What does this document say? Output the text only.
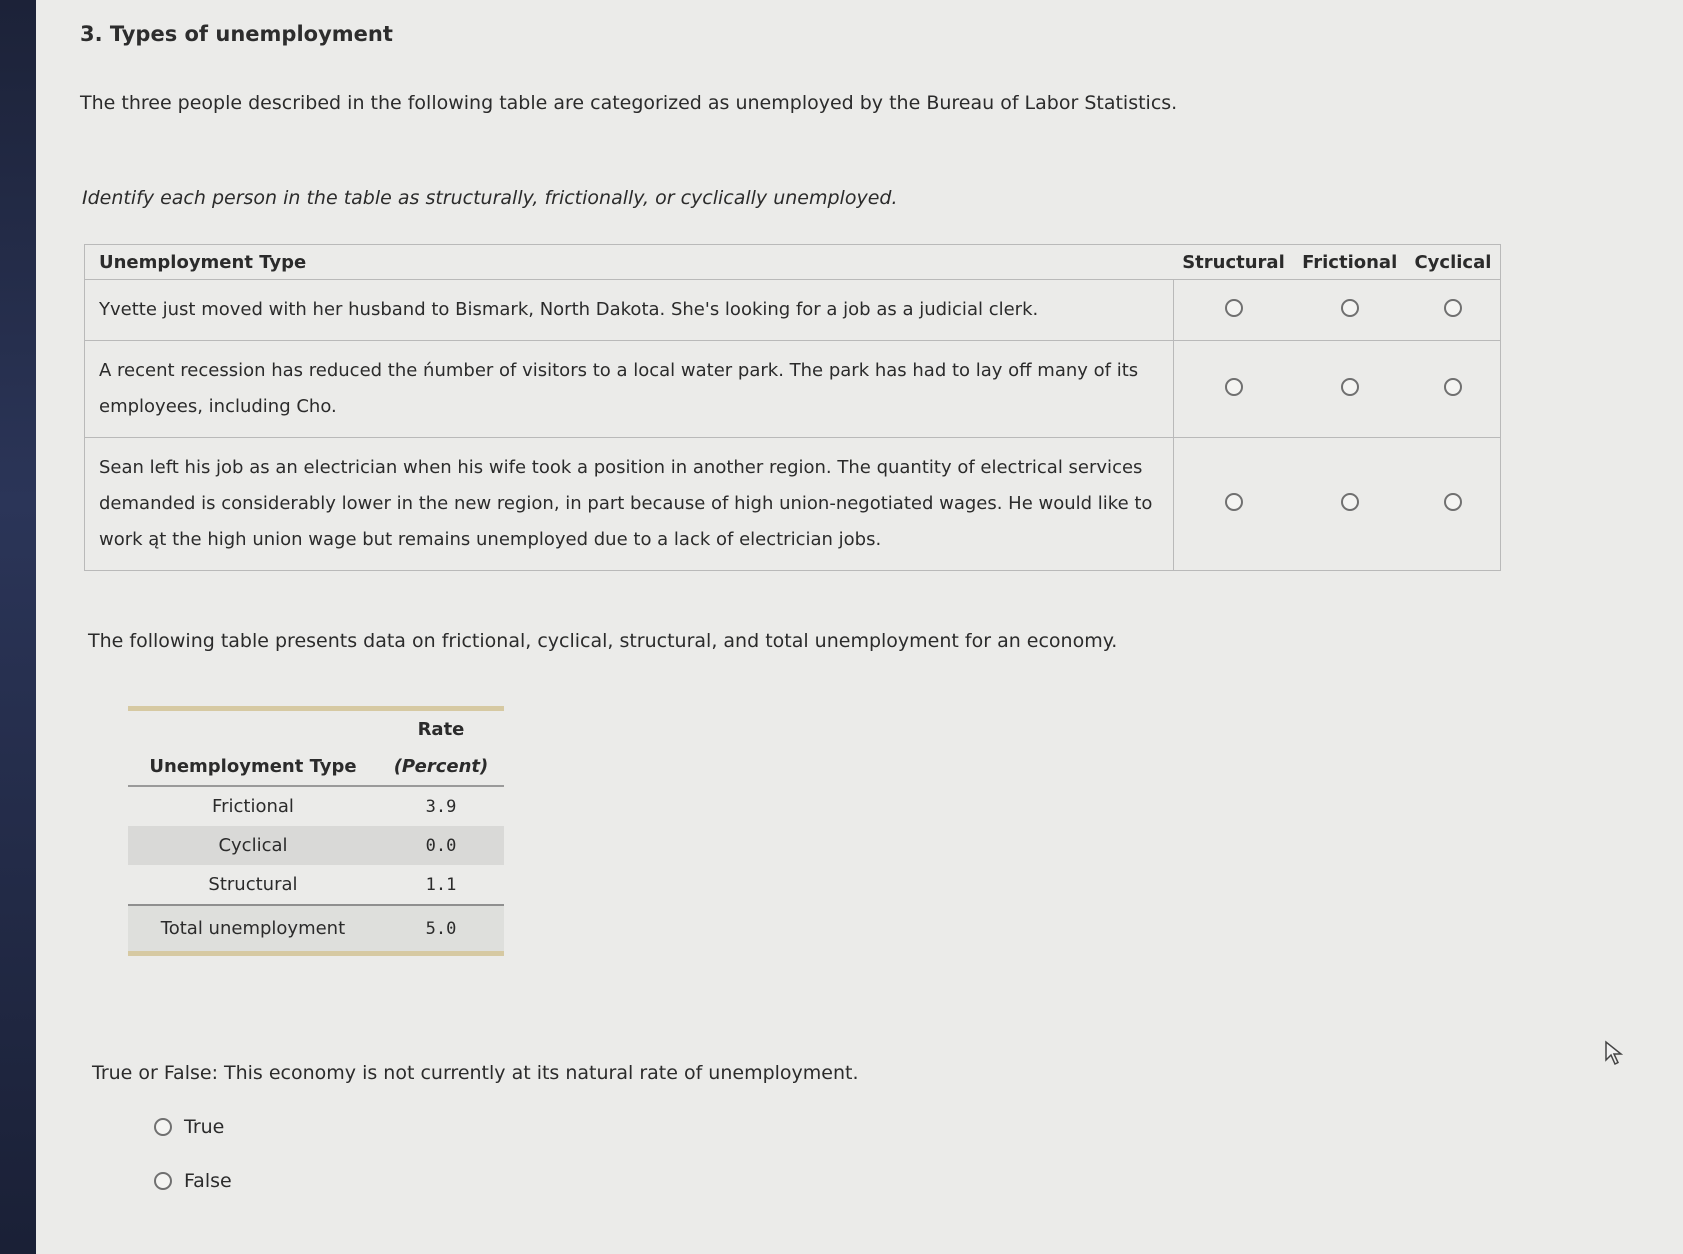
3. Types of unemployment
The three people described in the following table are categorized as unemployed by the Bureau of Labor Statistics.
Identify each person in the table as structurally, frictionally, or cyclically unemployed.
Unemployment Type	Structural	Frictional	Cyclical
Yvette just moved with her husband to Bismark, North Dakota. She's looking for a job as a judicial clerk.			
A recent recession has reduced the ńumber of visitors to a local water park. The park has had to lay off many of its employees, including Cho.			
Sean left his job as an electrician when his wife took a position in another region. The quantity of electrical services demanded is considerably lower in the new region, in part because of high union-negotiated wages. He would like to work ąt the high union wage but remains unemployed due to a lack of electrician jobs.			
The following table presents data on frictional, cyclical, structural, and total unemployment for an economy.

	Rate
Unemployment Type	(Percent)
Frictional	3.9
Cyclical	0.0
Structural	1.1
Total unemployment	5.0

True or False: This economy is not currently at its natural rate of unemployment.
True
False
